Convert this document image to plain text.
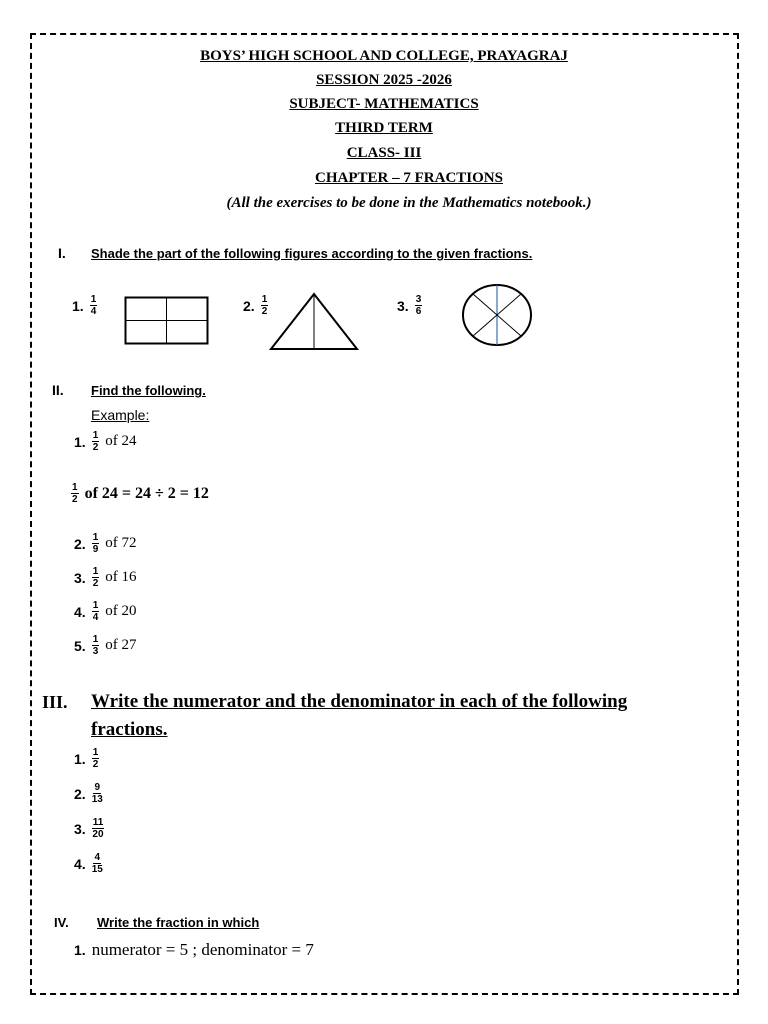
BOYS’ HIGH SCHOOL AND COLLEGE, PRAYAGRAJ
SESSION 2025 -2026
SUBJECT- MATHEMATICS
THIRD TERM
CLASS- III
CHAPTER – 7 FRACTIONS
(All the exercises to be done in the Mathematics notebook.)
I. Shade the part of the following figures according to the given fractions.
1. $\frac{1}{4}$	2. $\frac{1}{2}$	3. $\frac{3}{6}$
II. Find the following.
Example:
1. $\frac{1}{2}$ of 24
$\frac{1}{2}$ of 24 = 24 ÷ 2 = 12
2. $\frac{1}{9}$ of 72
3. $\frac{1}{2}$ of 16
4. $\frac{1}{4}$ of 20
5. $\frac{1}{3}$ of 27
III. Write the numerator and the denominator in each of the following
fractions.
1. $\frac{1}{2}$
2. $\frac{9}{13}$
3. $\frac{11}{20}$
4. $\frac{4}{15}$
IV. Write the fraction in which
1. numerator = 5 ; denominator = 7
